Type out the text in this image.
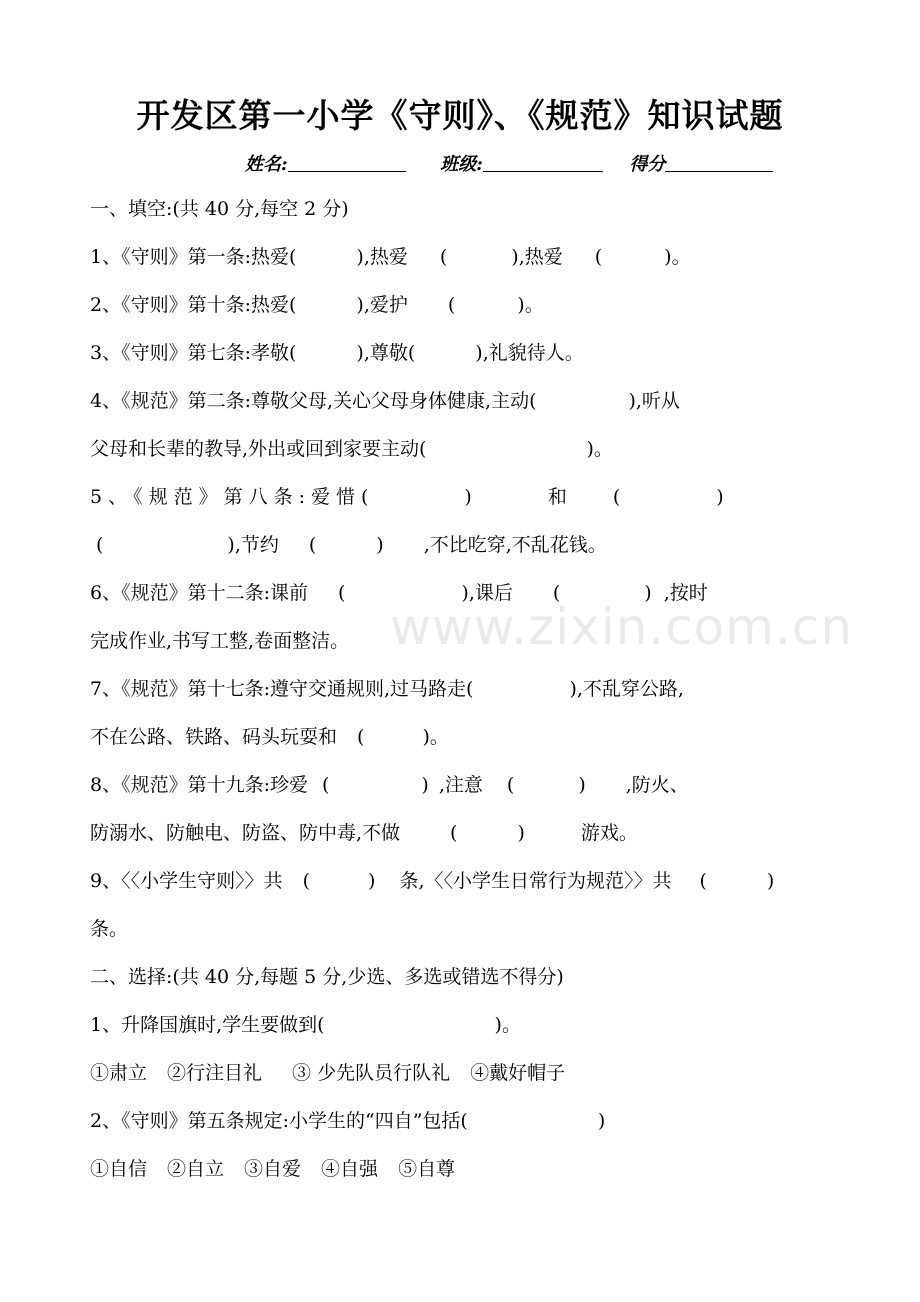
开发区第一小学《守则》、《规范》知识试题
姓名:	班级:	得分
www.zixin.com.cn
一、填空:(共 40 分,每空 2 分)
1、《守则》第一条:热爱(	),热爱 (	),热爱 (	)。
2、《守则》第十条:热爱(	),爱护 (	)。
3、《守则》第七条:孝敬(	),尊敬(	),礼貌待人。
4、《规范》第二条:尊敬父母,关心父母身体健康,主动(	),听从
父母和长辈的教导,外出或回到家要主动(	)。
5、《规范》第八条:爱惜(	)	和 (	)
(	),节约 (	) ,不比吃穿,不乱花钱。
6、《规范》第十二条:课前 (	),课后 (	) ,按时
完成作业,书写工整,卷面整洁。
7、《规范》第十七条:遵守交通规则,过马路走(	),不乱穿公路,
不在公路、铁路、码头玩耍和 (	)。
8、《规范》第十九条:珍爱 (	) ,注意 (	) ,防火、
防溺水、防触电、防盗、防中毒,不做	(	)	游戏。
9、〈〈小学生守则〉〉共 (	) 条,〈〈小学生日常行为规范〉〉共 (	)
条。
二、选择:(共 40 分,每题 5 分,少选、多选或错选不得分)
1、升降国旗时,学生要做到(	)。
①肃立 ②行注目礼 ③ 少先队员行队礼 ④戴好帽子
2、《守则》第五条规定:小学生的“四自”包括(	)
①自信 ②自立 ③自爱 ④自强 ⑤自尊
